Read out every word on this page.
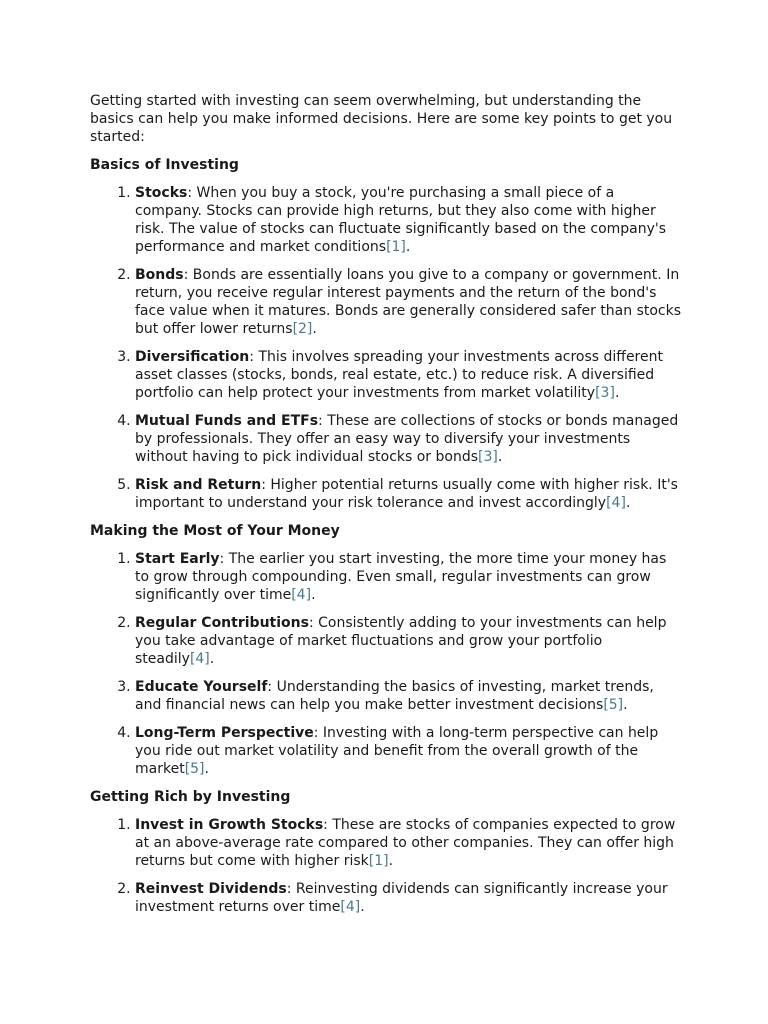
Getting started with investing can seem overwhelming, but understanding the basics can help you make informed decisions. Here are some key points to get you started:

Basics of Investing
1. Stocks: When you buy a stock, you're purchasing a small piece of a company. Stocks can provide high returns, but they also come with higher risk. The value of stocks can fluctuate significantly based on the company's performance and market conditions[1].
2. Bonds: Bonds are essentially loans you give to a company or government. In return, you receive regular interest payments and the return of the bond's face value when it matures. Bonds are generally considered safer than stocks but offer lower returns[2].
3. Diversification: This involves spreading your investments across different asset classes (stocks, bonds, real estate, etc.) to reduce risk. A diversified portfolio can help protect your investments from market volatility[3].
4. Mutual Funds and ETFs: These are collections of stocks or bonds managed by professionals. They offer an easy way to diversify your investments without having to pick individual stocks or bonds[3].
5. Risk and Return: Higher potential returns usually come with higher risk. It's important to understand your risk tolerance and invest accordingly[4].
Making the Most of Your Money
1. Start Early: The earlier you start investing, the more time your money has to grow through compounding. Even small, regular investments can grow significantly over time[4].
2. Regular Contributions: Consistently adding to your investments can help you take advantage of market fluctuations and grow your portfolio steadily[4].
3. Educate Yourself: Understanding the basics of investing, market trends, and financial news can help you make better investment decisions[5].
4. Long-Term Perspective: Investing with a long-term perspective can help you ride out market volatility and benefit from the overall growth of the market[5].
Getting Rich by Investing
1. Invest in Growth Stocks: These are stocks of companies expected to grow at an above-average rate compared to other companies. They can offer high returns but come with higher risk[1].
2. Reinvest Dividends: Reinvesting dividends can significantly increase your investment returns over time[4].
